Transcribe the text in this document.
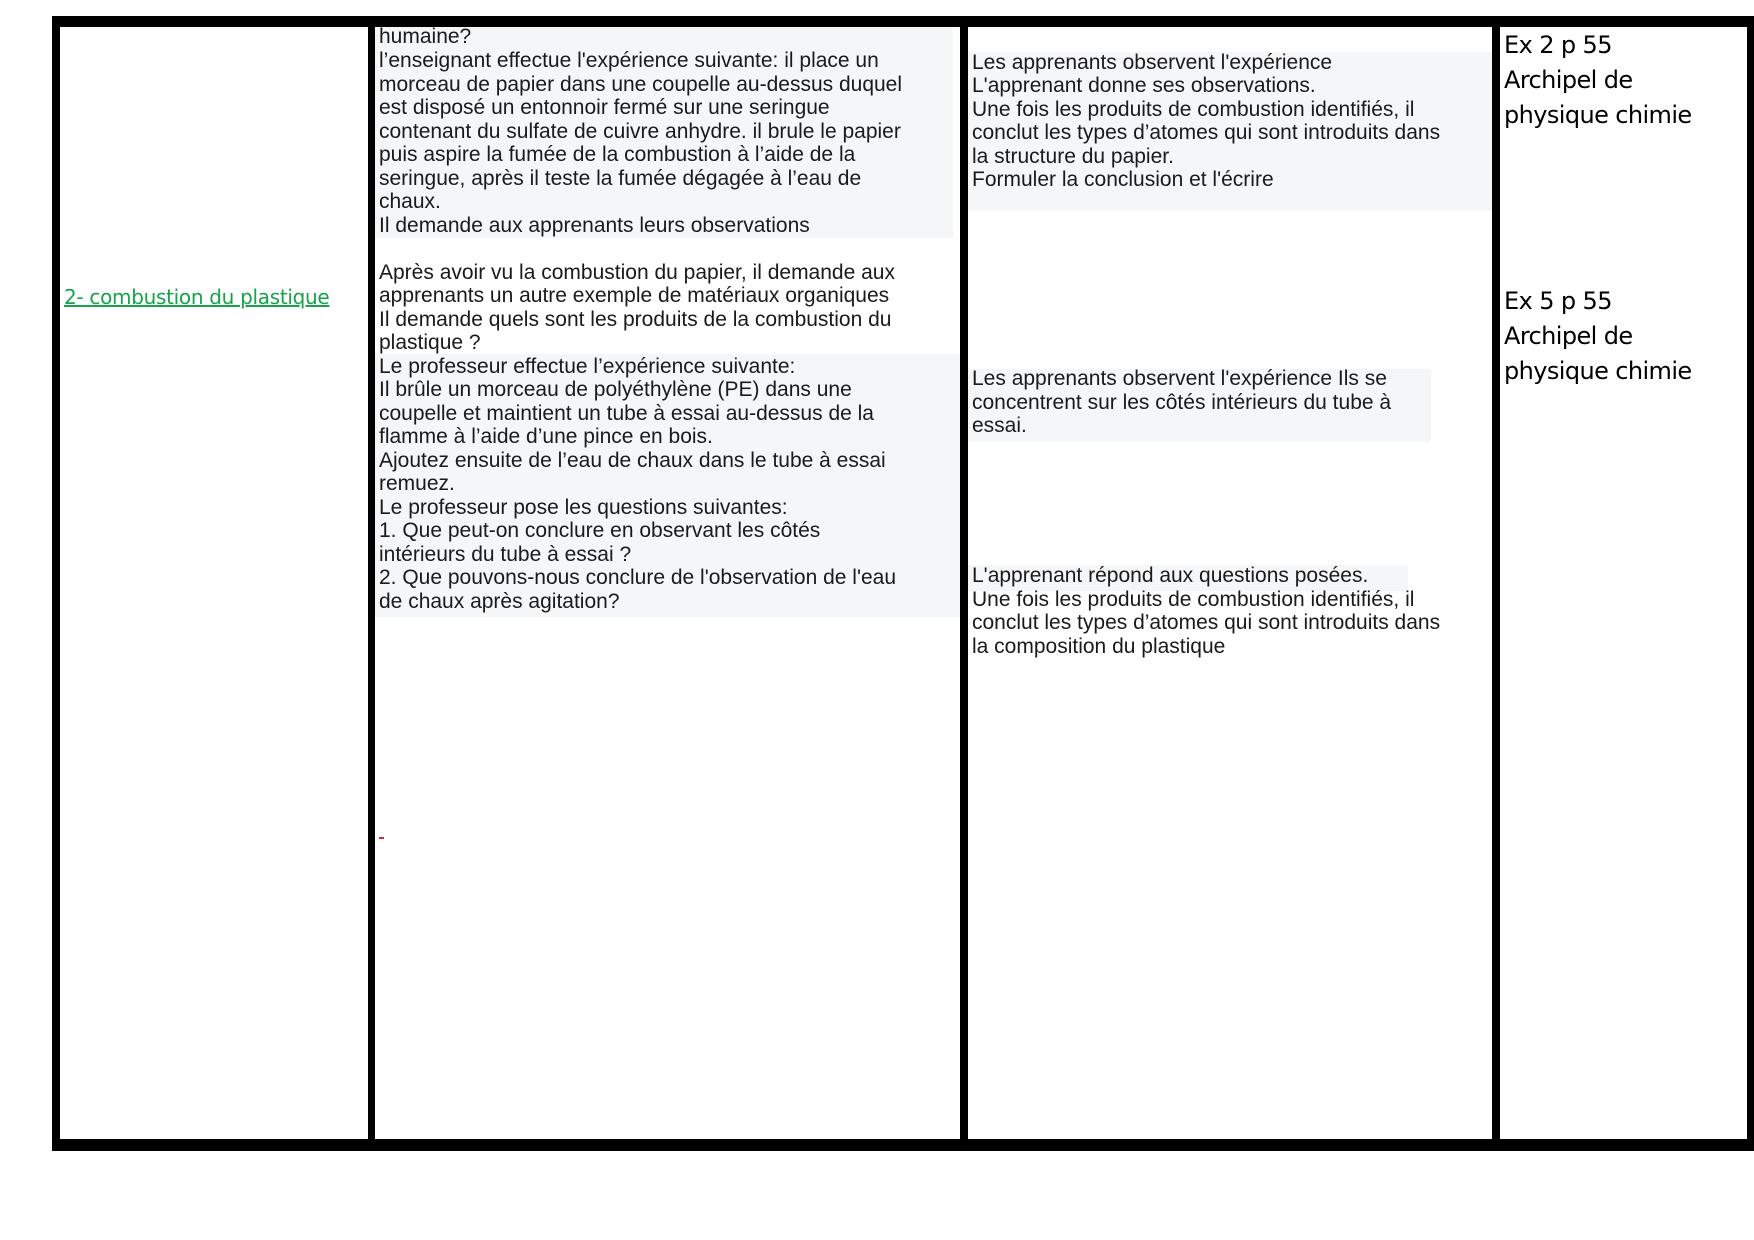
2- combustion du plastique

humaine?

l’enseignant effectue l'expérience suivante: il place un

morceau de papier dans une coupelle au-dessus duquel

est disposé un entonnoir fermé sur une seringue

contenant du sulfate de cuivre anhydre. il brule le papier

puis aspire la fumée de la combustion à l’aide de la

seringue, après il teste la fumée dégagée à l’eau de

chaux.

Il demande aux apprenants leurs observations

Après avoir vu la combustion du papier, il demande aux

apprenants un autre exemple de matériaux organiques

Il demande quels sont les produits de la combustion du

plastique ?

Le professeur effectue l’expérience suivante:

Il brûle un morceau de polyéthylène (PE) dans une

coupelle et maintient un tube à essai au-dessus de la

flamme à l’aide d’une pince en bois.

Ajoutez ensuite de l’eau de chaux dans le tube à essai

remuez.

Le professeur pose les questions suivantes:

1. Que peut-on conclure en observant les côtés

intérieurs du tube à essai ?

2. Que pouvons-nous conclure de l'observation de l'eau

de chaux après agitation?

Les apprenants observent l'expérience

L'apprenant donne ses observations.

Une fois les produits de combustion identifiés, il

conclut les types d’atomes qui sont introduits dans

la structure du papier.

Formuler la conclusion et l'écrire

Les apprenants observent l'expérience Ils se

concentrent sur les côtés intérieurs du tube à

essai.

L'apprenant répond aux questions posées.

Une fois les produits de combustion identifiés, il

conclut les types d’atomes qui sont introduits dans

la composition du plastique

Ex 2 p 55

Archipel de

physique chimie

Ex 5 p 55

Archipel de

physique chimie
